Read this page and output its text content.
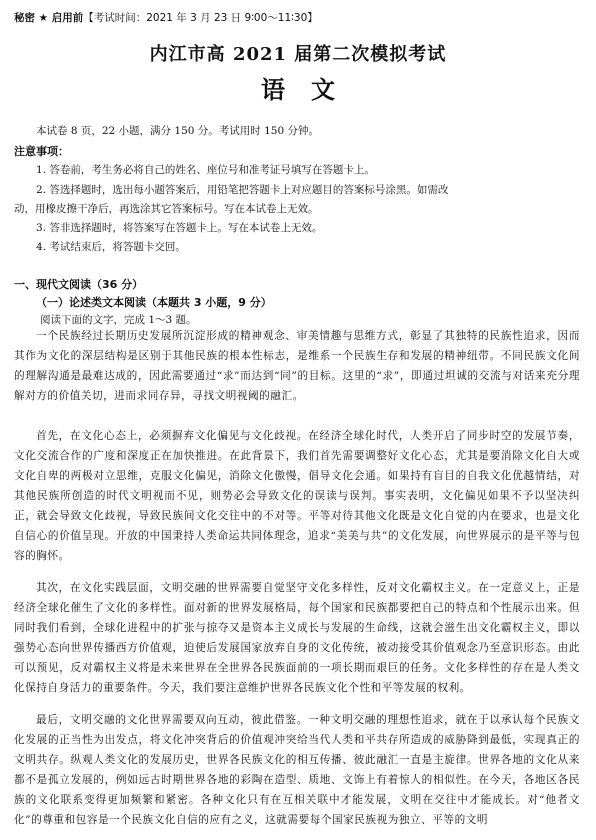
秘密 ★ 启用前【考试时间：2021 年 3 月 23 日 9∶00～11∶30】
内江市高 2021 届第二次模拟考试
语文
本试卷 8 页，22 小题，满分 150 分。考试用时 150 分钟。
注意事项：
1. 答卷前，考生务必将自己的姓名、座位号和准考证号填写在答题卡上。
2. 答选择题时，选出每小题答案后，用铅笔把答题卡上对应题目的答案标号涂黑。如需改
动，用橡皮擦干净后，再选涂其它答案标号。写在本试卷上无效。
3. 答非选择题时，将答案写在答题卡上。写在本试卷上无效。
4. 考试结束后，将答题卡交回。
一、现代文阅读（36 分）
（一）论述类文本阅读（本题共 3 小题，9 分）
阅读下面的文字，完成 1～3 题。

一个民族经过长期历史发展所沉淀形成的精神观念、审美情趣与思维方式，彰显了其独特的民族性追求，因而其作为文化的深层结构是区别于其他民族的根本性标志，是维系一个民族生存和发展的精神纽带。不同民族文化间的理解沟通是最难达成的，因此需要通过“求”而达到“同”的目标。这里的“求”，即通过坦诚的交流与对话来充分理解对方的价值关切，进而求同存异，寻找文明视阈的融汇。

首先，在文化心态上，必须摒弃文化偏见与文化歧视。在经济全球化时代，人类开启了同步时空的发展节奏，文化交流合作的广度和深度正在加快推进。在此背景下，我们首先需要调整好文化心态，尤其是要消除文化自大或文化自卑的两极对立思维，克服文化偏见，消除文化傲慢，倡导文化会通。如果持有盲目的自我文化优越情结，对其他民族所创造的时代文明视而不见，则势必会导致文化的误读与误判。事实表明，文化偏见如果不予以坚决纠正，就会导致文化歧视，导致民族间文化交往中的不对等。平等对待其他文化既是文化自觉的内在要求，也是文化自信心的价值呈现。开放的中国秉持人类命运共同体理念，追求“美美与共”的文化发展，向世界展示的是平等与包容的胸怀。

其次，在文化实践层面，文明交融的世界需要自觉坚守文化多样性，反对文化霸权主义。在一定意义上，正是经济全球化催生了文化的多样性。面对新的世界发展格局，每个国家和民族都要把自己的特点和个性展示出来。但同时我们看到，全球化进程中的扩张与掠夺又是资本主义成长与发展的生命线，这就会滋生出文化霸权主义，即以强势心态向世界传播西方价值观，迫使后发展国家放弃自身的文化传统，被动接受其价值观念乃至意识形态。由此可以预见，反对霸权主义将是未来世界在全世界各民族面前的一项长期而艰巨的任务。文化多样性的存在是人类文化保持自身活力的重要条件。今天，我们要注意维护世界各民族文化个性和平等发展的权利。

最后，文明交融的文化世界需要双向互动，彼此借鉴。一种文明交融的理想性追求，就在于以承认每个民族文化发展的正当性为出发点，将文化冲突背后的价值观冲突给当代人类和平共存所造成的威胁降到最低，实现真正的文明共存。纵观人类文化的发展历史，世界各民族文化的相互传播、彼此融汇一直是主旋律。世界各地的文化从来都不是孤立发展的，例如远古时期世界各地的彩陶在造型、质地、文饰上有着惊人的相似性。在今天，各地区各民族的文化联系变得更加频繁和紧密。各种文化只有在互相关联中才能发展，文明在交往中才能成长。对“他者文化”的尊重和包容是一个民族文化自信的应有之义，这就需要每个国家民族视为独立、平等的文明
